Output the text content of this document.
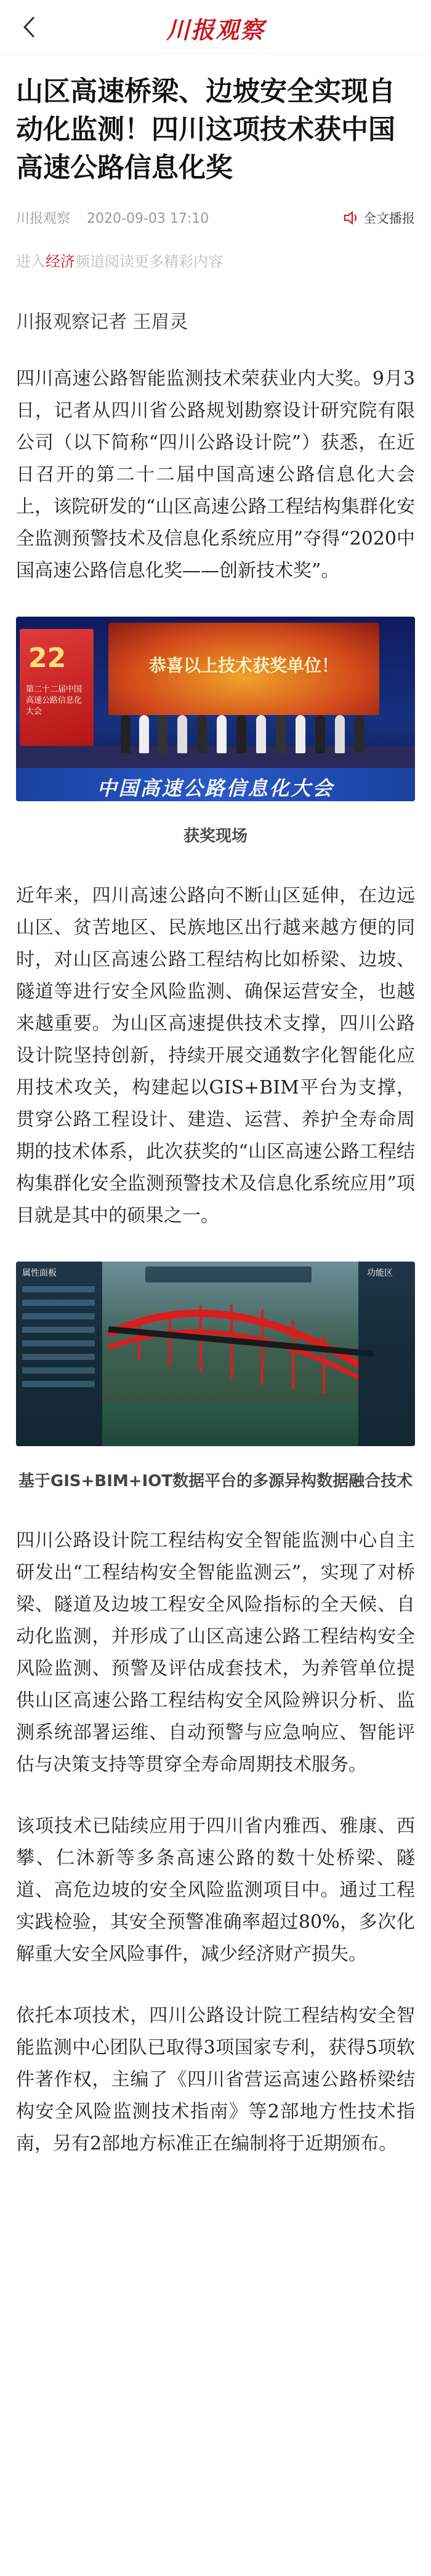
川报观察
山区高速桥梁、边坡安全实现自动化监测！四川这项技术获中国高速公路信息化奖
川报观察 2020-09-03 17:10	全文播报
进入经济频道阅读更多精彩内容
川报观察记者 王眉灵

四川高速公路智能监测技术荣获业内大奖。9月3日，记者从四川省公路规划勘察设计研究院有限公司（以下简称“四川公路设计院”）获悉，在近日召开的第二十二届中国高速公路信息化大会上，该院研发的“山区高速公路工程结构集群化安全监测预警技术及信息化系统应用”夺得“2020中国高速公路信息化奖——创新技术奖”。

22
第二十二届中国高速公路信息化大会
恭喜以上技术获奖单位！
中国高速公路信息化大会
获奖现场

近年来，四川高速公路向不断山区延伸，在边远山区、贫苦地区、民族地区出行越来越方便的同时，对山区高速公路工程结构比如桥梁、边坡、隧道等进行安全风险监测、确保运营安全，也越来越重要。为山区高速提供技术支撑，四川公路设计院坚持创新，持续开展交通数字化智能化应用技术攻关，构建起以GIS+BIM平台为支撑，贯穿公路工程设计、建造、运营、养护全寿命周期的技术体系，此次获奖的“山区高速公路工程结构集群化安全监测预警技术及信息化系统应用”项目就是其中的硕果之一。

属性面板	功能区
基于GIS+BIM+IOT数据平台的多源异构数据融合技术

四川公路设计院工程结构安全智能监测中心自主研发出“工程结构安全智能监测云”，实现了对桥梁、隧道及边坡工程安全风险指标的全天候、自动化监测，并形成了山区高速公路工程结构安全风险监测、预警及评估成套技术，为养管单位提供山区高速公路工程结构安全风险辨识分析、监测系统部署运维、自动预警与应急响应、智能评估与决策支持等贯穿全寿命周期技术服务。

该项技术已陆续应用于四川省内雅西、雅康、西攀、仁沐新等多条高速公路的数十处桥梁、隧道、高危边坡的安全风险监测项目中。通过工程实践检验，其安全预警准确率超过80%，多次化解重大安全风险事件，减少经济财产损失。

依托本项技术，四川公路设计院工程结构安全智能监测中心团队已取得3项国家专利，获得5项软件著作权，主编了《四川省营运高速公路桥梁结构安全风险监测技术指南》等2部地方性技术指南，另有2部地方标准正在编制将于近期颁布。
